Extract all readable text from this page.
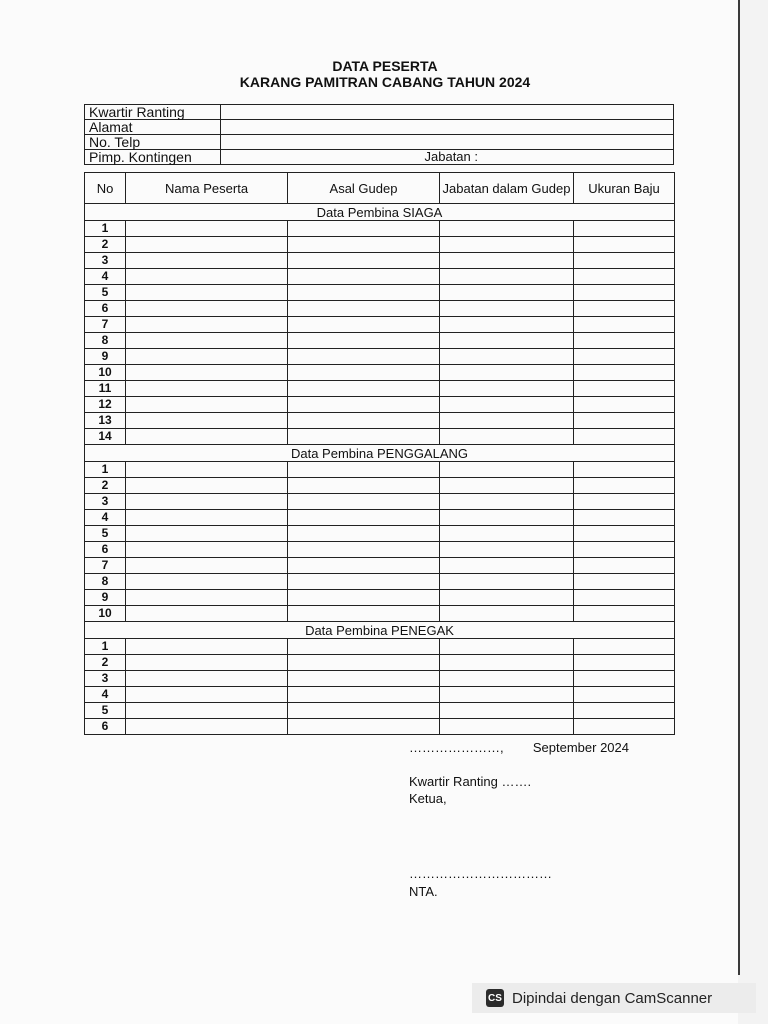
DATA PESERTA
KARANG PAMITRAN CABANG TAHUN 2024
Kwartir Ranting	
Alamat	
No. Telp	
Pimp. Kontingen	Jabatan :
No	Nama Peserta	Asal Gudep	Jabatan dalam Gudep	Ukuran Baju
Data Pembina SIAGA				
1				
2				
3				
4				
5				
6				
7				
8				
9				
10				
11				
12				
13				
14				
Data Pembina PENGGALANG				
1				
2				
3				
4				
5				
6				
7				
8				
9				
10				
Data Pembina PENEGAK				
1				
2				
3				
4				
5				
6				
…………………, September 2024
Kwartir Ranting …….
Ketua,
……………………………
NTA.
CS Dipindai dengan CamScanner
